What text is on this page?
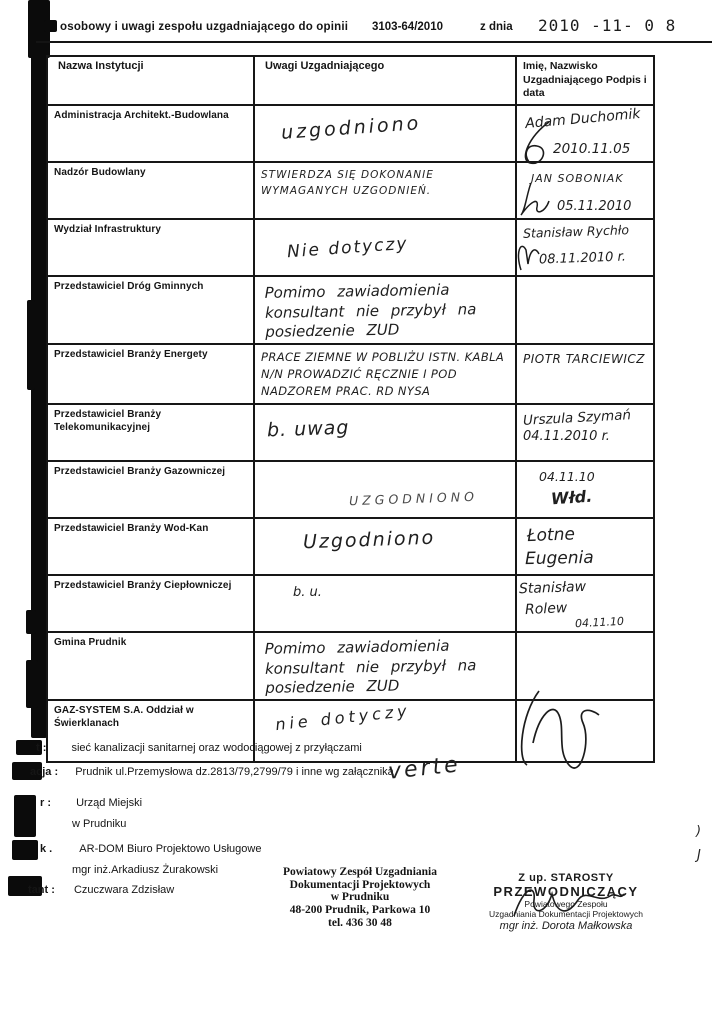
osobowy i uwagi zespołu uzgadniającego do opinii 3103-64/2010	z dnia 2010 -11- 0 8
Nazwa Instytucji	Uwagi Uzgadniającego	Imię, Nazwisko Uzgadniającego Podpis i data
Administracja Architekt.-Budowlana	uzgodniono	Adam Duchomik
2010.11.05

Nadzór Budowlany	STWIERDZA SIĘ DOKONANIE WYMAGANYCH UZGODNIEŃ.	JAN SOBONIAK
05.11.2010

Wydział Infrastruktury	Nie dotyczy	Stanisław Rychło
08.11.2010 r.

Przedstawiciel Dróg Gminnych	Pomimo zawiadomienia konsultant nie przybył na posiedzenie ZUD	
Przedstawiciel Branży Energety	PRACE ZIEMNE W POBLIŻU ISTN. KABLA N/N PROWADZIĆ RĘCZNIE I POD NADZOREM PRAC. RD NYSA	PIOTR TARCIEWICZ
Przedstawiciel Branży Telekomunikacyjnej	b. uwag	Urszula Szymań
04.11.2010 r.

Przedstawiciel Branży Gazowniczej	UZGODNIONO	04.11.10
Włd.

Przedstawiciel Branży Wod-Kan	Uzgodniono	Łotne
Eugenia

Przedstawiciel Branży Ciepłowniczej	b. u.	Stanisław
Rolew
04.11.10

Gmina Prudnik	Pomimo zawiadomienia konsultant nie przybył na posiedzenie ZUD	
GAZ-SYSTEM S.A. Oddział w Świerklanach	nie dotyczy	
t : sieć kanalizacji sanitarnej oraz wodociągowej z przyłączami
acja : Prudnik ul.Przemysłowa dz.2813/79,2799/79 i inne wg załącznika
verte
r : Urząd Miejski
w Prudniku
k . AR-DOM Biuro Projektowo Usługowe
mgr inż.Arkadiusz Żurakowski
tant : Czuczwara Zdzisław
Powiatowy Zespół Uzgadniania
Dokumentacji Projektowych
w Prudniku
48-200 Prudnik, Parkowa 10
tel. 436 30 48
Z up. STAROSTY
PRZEWODNICZĄCY
Powiatowego Zespołu
Uzgadniania Dokumentacji Projektowych
mgr inż. Dorota Małkowska
)
J
